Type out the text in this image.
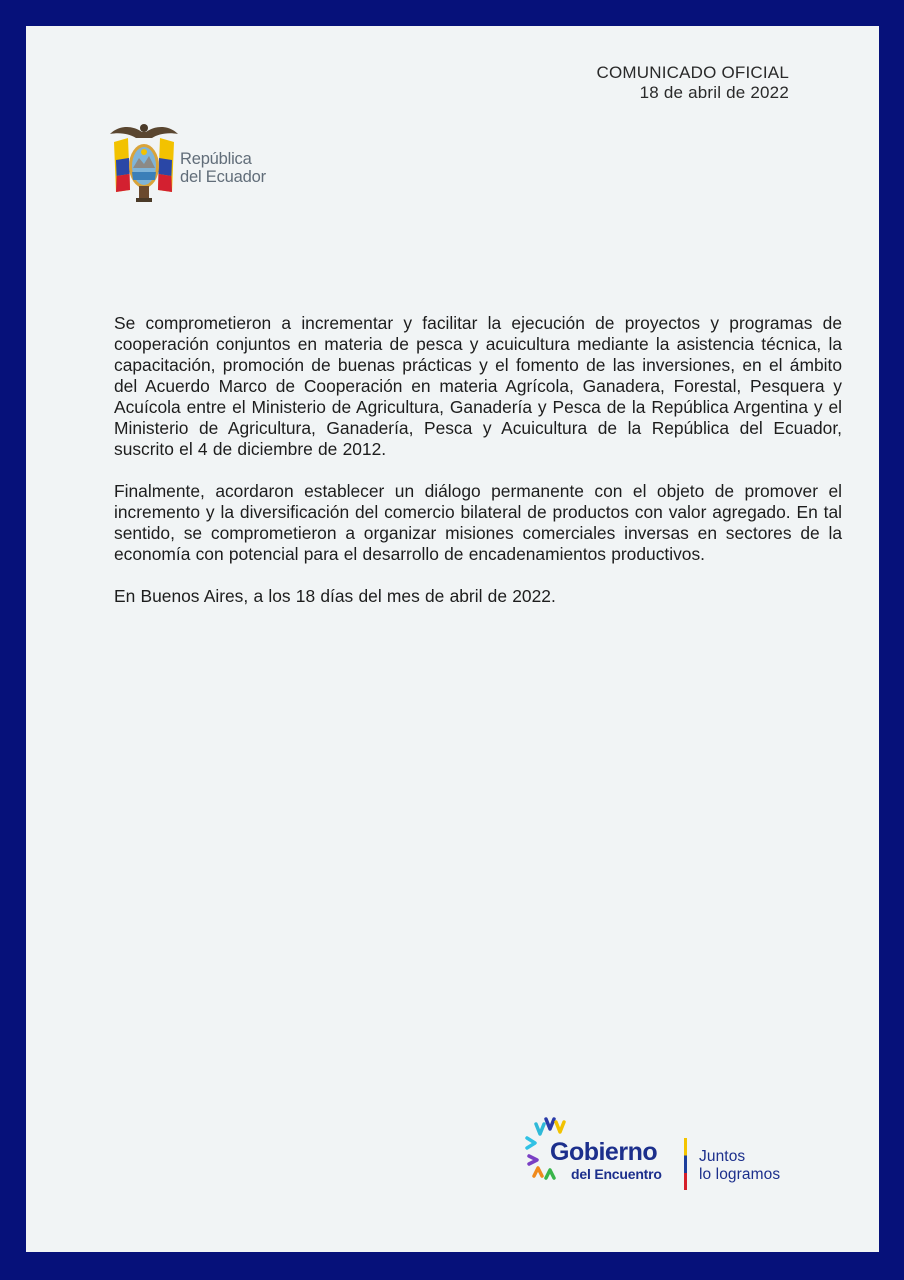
COMUNICADO OFICIAL
18 de abril de 2022
República
del Ecuador

Se comprometieron a incrementar y facilitar la ejecución de proyectos y programas de cooperación conjuntos en materia de pesca y acuicultura mediante la asistencia técnica, la capacitación, promoción de buenas prácticas y el fomento de las inversiones, en el ámbito del Acuerdo Marco de Cooperación en materia Agrícola, Ganadera, Forestal, Pesquera y Acuícola entre el Ministerio de Agricultura, Ganadería y Pesca de la República Argentina y el Ministerio de Agricultura, Ganadería, Pesca y Acuicultura de la República del Ecuador, suscrito el 4 de diciembre de 2012.

Finalmente, acordaron establecer un diálogo permanente con el objeto de promover el incremento y la diversificación del comercio bilateral de productos con valor agregado. En tal sentido, se comprometieron a organizar misiones comerciales inversas en sectores de la economía con potencial para el desarrollo de encadenamientos productivos.

En Buenos Aires, a los 18 días del mes de abril de 2022.

Gobierno
del Encuentro
Juntos
lo logramos
